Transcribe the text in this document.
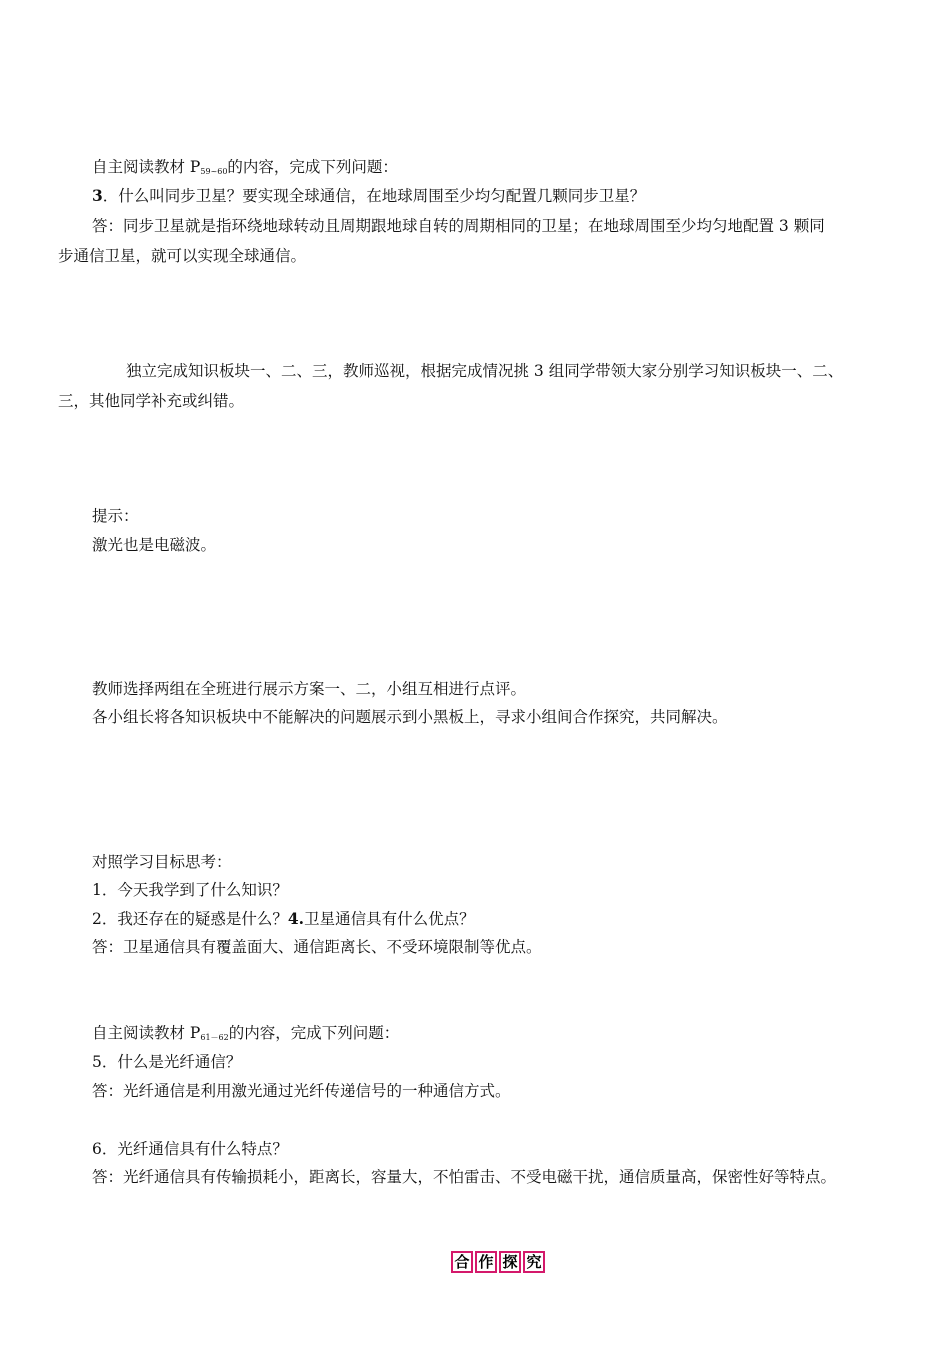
自主阅读教材 $P_{59\sim 60}$的内容，完成下列问题：
3．什么叫同步卫星？要实现全球通信，在地球周围至少均匀配置几颗同步卫星？
答：同步卫星就是指环绕地球转动且周期跟地球自转的周期相同的卫星；在地球周围至少均匀地配置 3 颗同
步通信卫星，就可以实现全球通信。
独立完成知识板块一、二、三，教师巡视，根据完成情况挑 3 组同学带领大家分别学习知识板块一、二、
三，其他同学补充或纠错。
提示：
激光也是电磁波。
教师选择两组在全班进行展示方案一、二，小组互相进行点评。
各小组长将各知识板块中不能解决的问题展示到小黑板上，寻求小组间合作探究，共同解决。
对照学习目标思考：
1．今天我学到了什么知识？
2．我还存在的疑惑是什么？4.卫星通信具有什么优点？
答：卫星通信具有覆盖面大、通信距离长、不受环境限制等优点。
自主阅读教材 $P_{61-62}$的内容，完成下列问题：
5．什么是光纤通信？
答：光纤通信是利用激光通过光纤传递信号的一种通信方式。
6．光纤通信具有什么特点？
答：光纤通信具有传输损耗小，距离长，容量大，不怕雷击、不受电磁干扰，通信质量高，保密性好等特点。
合 作 探 究
